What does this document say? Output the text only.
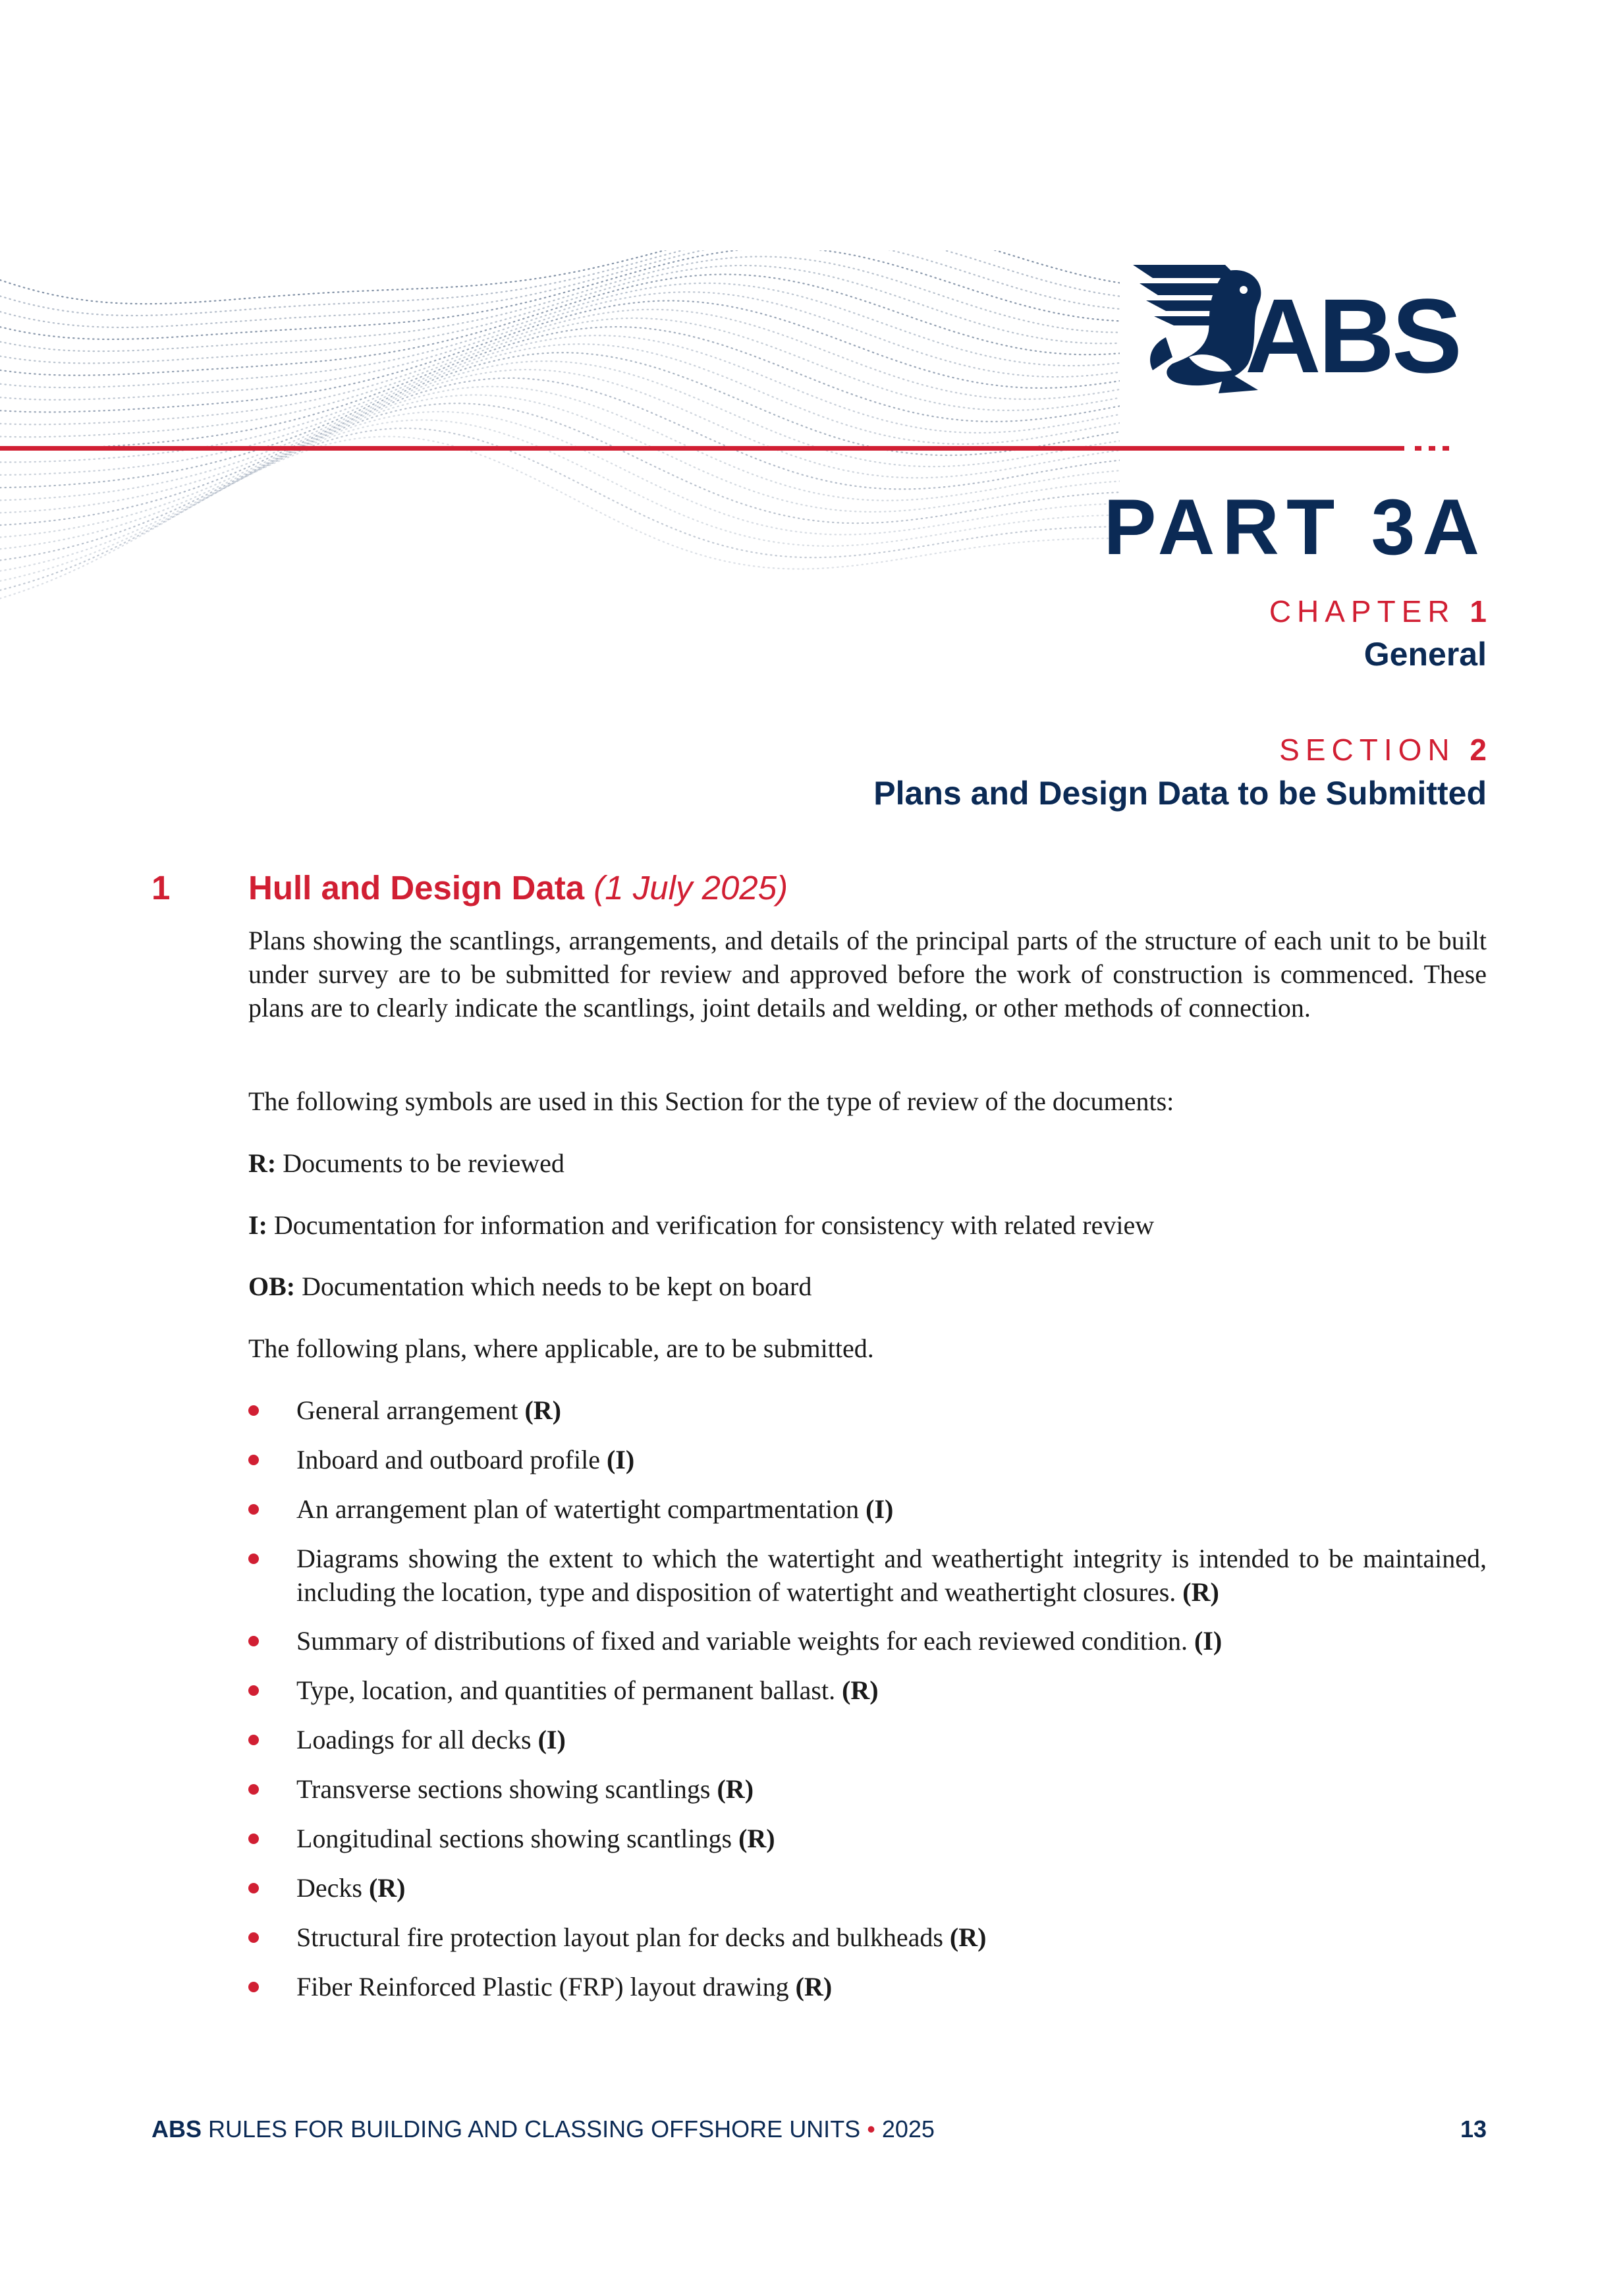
ABS
PART 3A
CHAPTER 1
General
SECTION 2
Plans and Design Data to be Submitted
1 Hull and Design Data (1 July 2025)

Plans showing the scantlings, arrangements, and details of the principal parts of the structure of each unit to be built under survey are to be submitted for review and approved before the work of construction is commenced. These plans are to clearly indicate the scantlings, joint details and welding, or other methods of connection.

The following symbols are used in this Section for the type of review of the documents:

R: Documents to be reviewed

I: Documentation for information and verification for consistency with related review

OB: Documentation which needs to be kept on board

The following plans, where applicable, are to be submitted.

General arrangement (R)
Inboard and outboard profile (I)
An arrangement plan of watertight compartmentation (I)
Diagrams showing the extent to which the watertight and weathertight integrity is intended to be maintained, including the location, type and disposition of watertight and weathertight closures. (R)
Summary of distributions of fixed and variable weights for each reviewed condition. (I)
Type, location, and quantities of permanent ballast. (R)
Loadings for all decks (I)
Transverse sections showing scantlings (R)
Longitudinal sections showing scantlings (R)
Decks (R)
Structural fire protection layout plan for decks and bulkheads (R)
Fiber Reinforced Plastic (FRP) layout drawing (R)
ABS RULES FOR BUILDING AND CLASSING OFFSHORE UNITS • 2025	13
